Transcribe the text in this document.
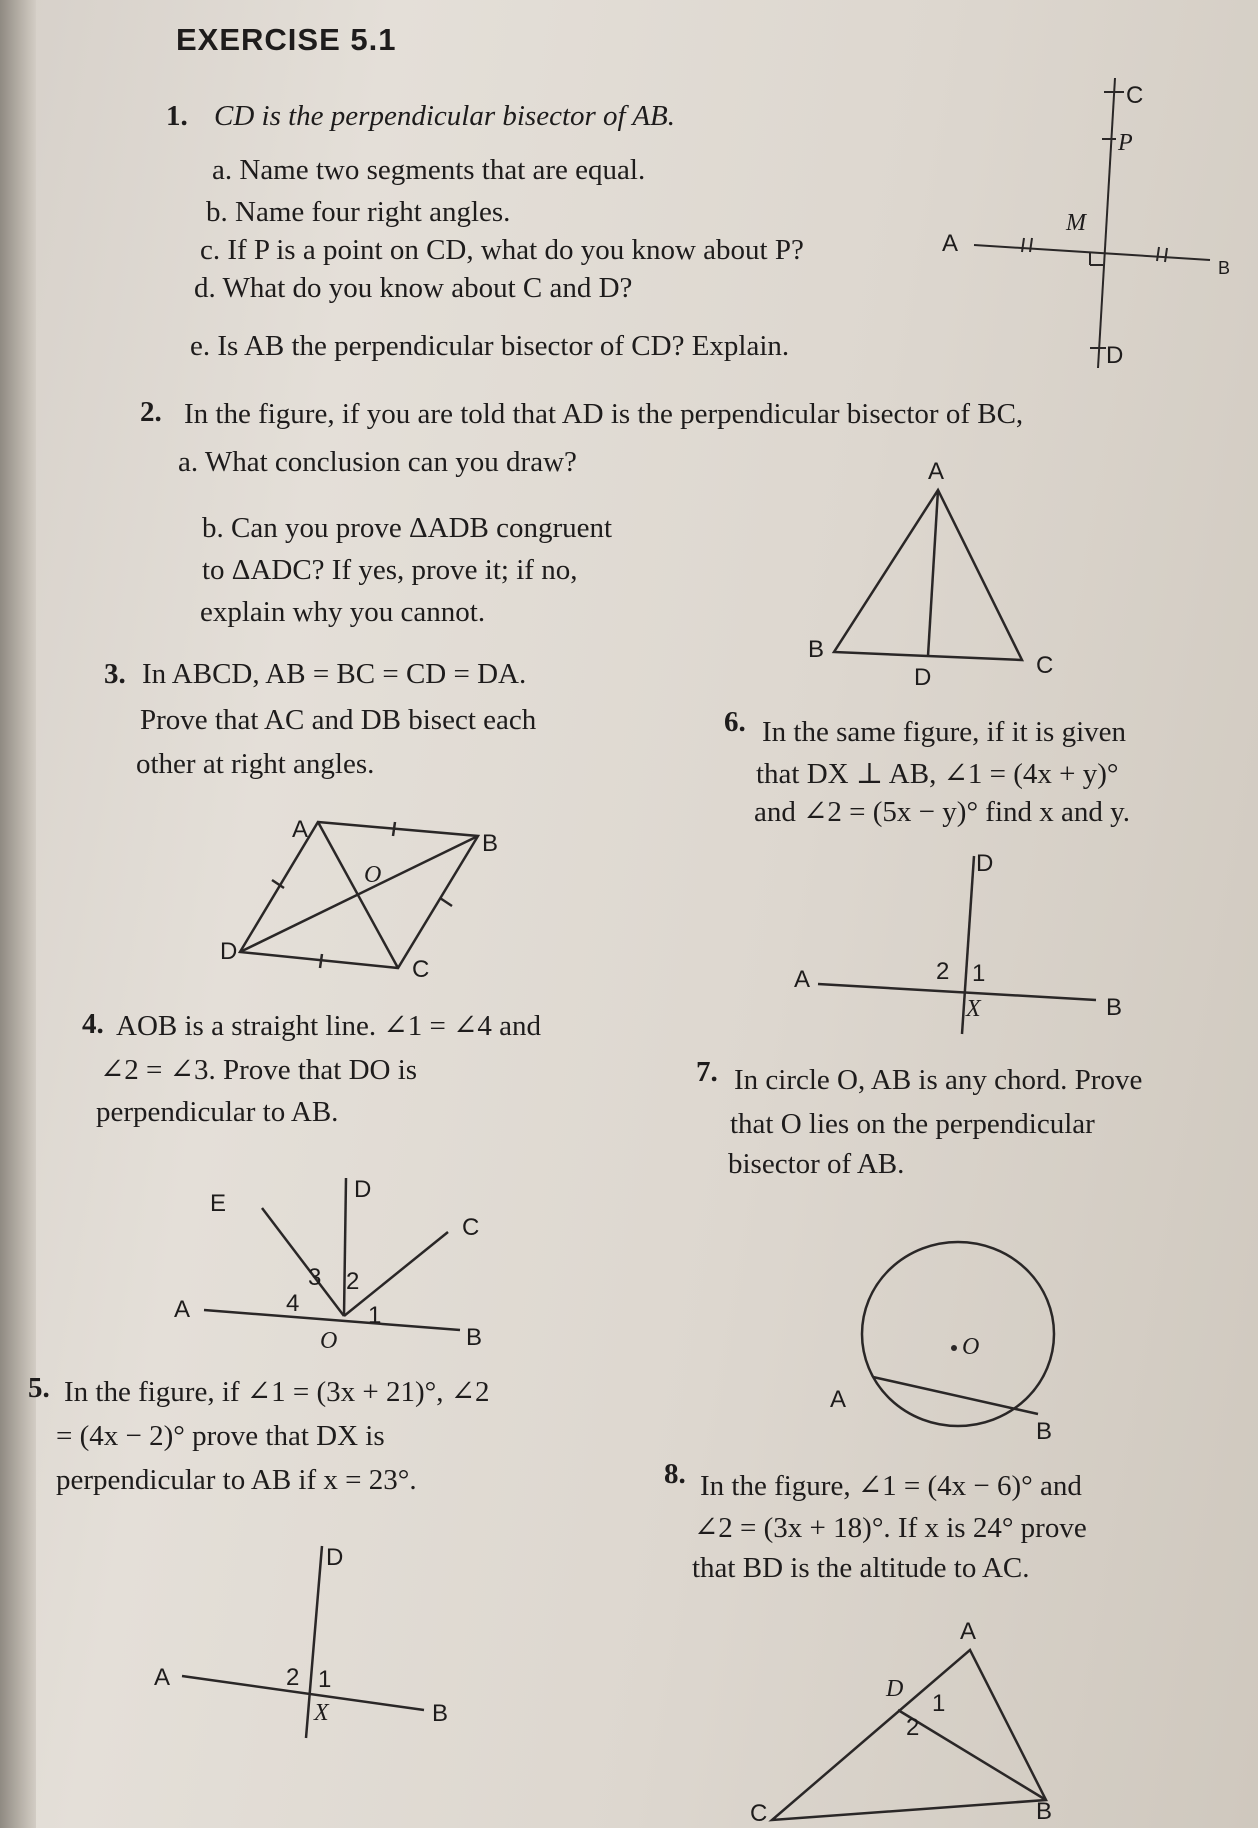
EXERCISE 5.1
1. CD is the perpendicular bisector of AB.
a. Name two segments that are equal.
b. Name four right angles.
c. If P is a point on CD, what do you know about P?
d. What do you know about C and D?
e. Is AB the perpendicular bisector of CD? Explain.
C
P
M
A
B
D
2. In the figure, if you are told that AD is the perpendicular bisector of BC,
a. What conclusion can you draw?
b. Can you prove ΔADB congruent
to ΔADC? If yes, prove it; if no,
explain why you cannot.
A
B
D	C
3. In ABCD, AB = BC = CD = DA.
Prove that AC and DB bisect each
other at right angles.
A
B
O
D
C
4. AOB is a straight line. ∠1 = ∠4 and
∠2 = ∠3. Prove that DO is
perpendicular to AB.
E
D
C
3 2
A	4	1
O	B
5. In the figure, if ∠1 = (3x + 21)°, ∠2
= (4x − 2)° prove that DX is
perpendicular to AB if x = 23°.
D
A	2 1
X	B
6. In the same figure, if it is given
that DX ⊥ AB, ∠1 = (4x + y)°
and ∠2 = (5x − y)° find x and y.
D
A	2 1
X	B
7. In circle O, AB is any chord. Prove
that O lies on the perpendicular
bisector of AB.
O
A
B
8. In the figure, ∠1 = (4x − 6)° and
∠2 = (3x + 18)°. If x is 24° prove
that BD is the altitude to AC.
A
D
1
2
C	B
